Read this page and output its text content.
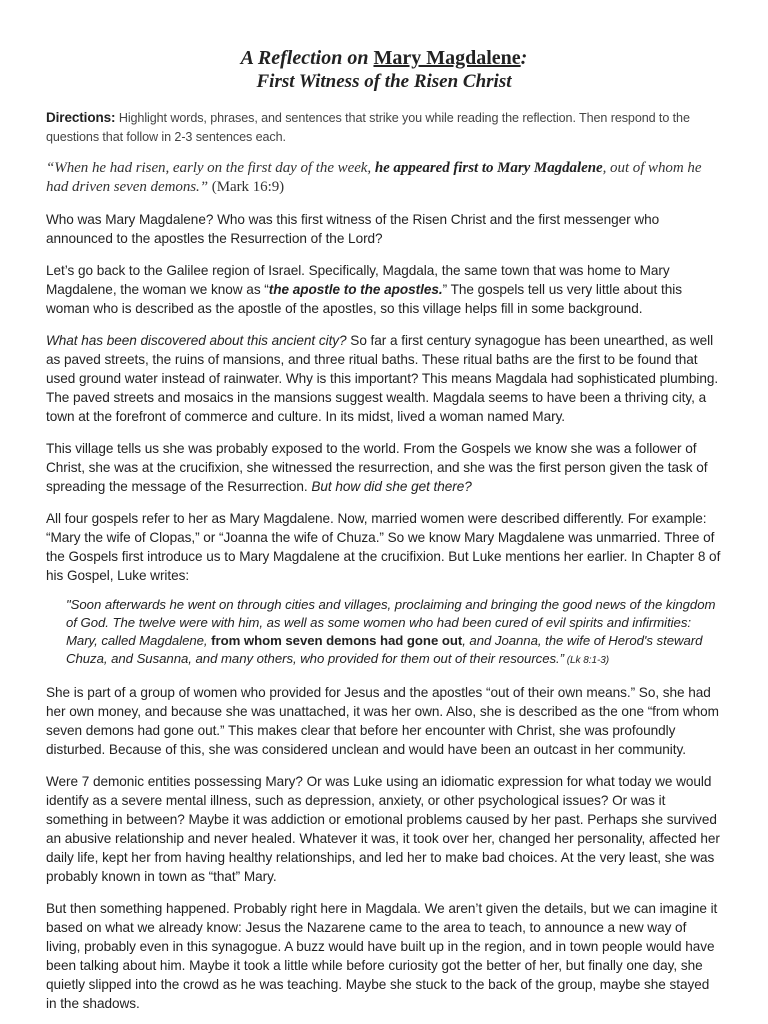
A Reflection on Mary Magdalene:
First Witness of the Risen Christ
Directions: Highlight words, phrases, and sentences that strike you while reading the reflection. Then respond to the questions that follow in 2-3 sentences each.

“When he had risen, early on the first day of the week, he appeared first to Mary Magdalene, out of whom he had driven seven demons.” (Mark 16:9)

Who was Mary Magdalene? Who was this first witness of the Risen Christ and the first messenger who announced to the apostles the Resurrection of the Lord?

Let’s go back to the Galilee region of Israel. Specifically, Magdala, the same town that was home to Mary Magdalene, the woman we know as “the apostle to the apostles.” The gospels tell us very little about this woman who is described as the apostle of the apostles, so this village helps fill in some background.

What has been discovered about this ancient city? So far a first century synagogue has been unearthed, as well as paved streets, the ruins of mansions, and three ritual baths. These ritual baths are the first to be found that used ground water instead of rainwater. Why is this important? This means Magdala had sophisticated plumbing. The paved streets and mosaics in the mansions suggest wealth. Magdala seems to have been a thriving city, a town at the forefront of commerce and culture. In its midst, lived a woman named Mary.

This village tells us she was probably exposed to the world. From the Gospels we know she was a follower of Christ, she was at the crucifixion, she witnessed the resurrection, and she was the first person given the task of spreading the message of the Resurrection. But how did she get there?

All four gospels refer to her as Mary Magdalene. Now, married women were described differently. For example: “Mary the wife of Clopas,” or “Joanna the wife of Chuza.” So we know Mary Magdalene was unmarried. Three of the Gospels first introduce us to Mary Magdalene at the crucifixion. But Luke mentions her earlier. In Chapter 8 of his Gospel, Luke writes:

"Soon afterwards he went on through cities and villages, proclaiming and bringing the good news of the kingdom of God. The twelve were with him, as well as some women who had been cured of evil spirits and infirmities: Mary, called Magdalene, from whom seven demons had gone out, and Joanna, the wife of Herod's steward Chuza, and Susanna, and many others, who provided for them out of their resources.” (Lk 8:1-3)

She is part of a group of women who provided for Jesus and the apostles “out of their own means.” So, she had her own money, and because she was unattached, it was her own. Also, she is described as the one “from whom seven demons had gone out.” This makes clear that before her encounter with Christ, she was profoundly disturbed. Because of this, she was considered unclean and would have been an outcast in her community.

Were 7 demonic entities possessing Mary? Or was Luke using an idiomatic expression for what today we would identify as a severe mental illness, such as depression, anxiety, or other psychological issues? Or was it something in between? Maybe it was addiction or emotional problems caused by her past. Perhaps she survived an abusive relationship and never healed. Whatever it was, it took over her, changed her personality, affected her daily life, kept her from having healthy relationships, and led her to make bad choices. At the very least, she was probably known in town as “that” Mary.

But then something happened. Probably right here in Magdala. We aren’t given the details, but we can imagine it based on what we already know: Jesus the Nazarene came to the area to teach, to announce a new way of living, probably even in this synagogue. A buzz would have built up in the region, and in town people would have been talking about him. Maybe it took a little while before curiosity got the better of her, but finally one day, she quietly slipped into the crowd as he was teaching. Maybe she stuck to the back of the group, maybe she stayed in the shadows.
